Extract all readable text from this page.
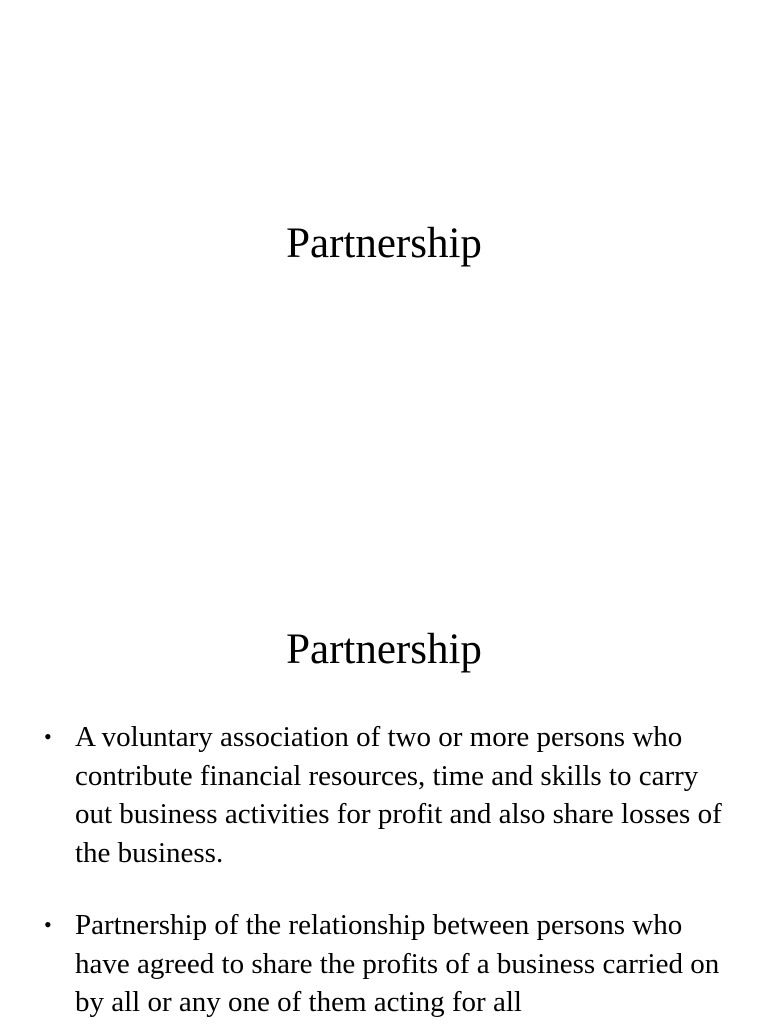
Partnership
Partnership
• A voluntary association of two or more persons who contribute financial resources, time and skills to carry out business activities for profit and also share losses of the business.
• Partnership of the relationship between persons who have agreed to share the profits of a business carried on by all or any one of them acting for all
